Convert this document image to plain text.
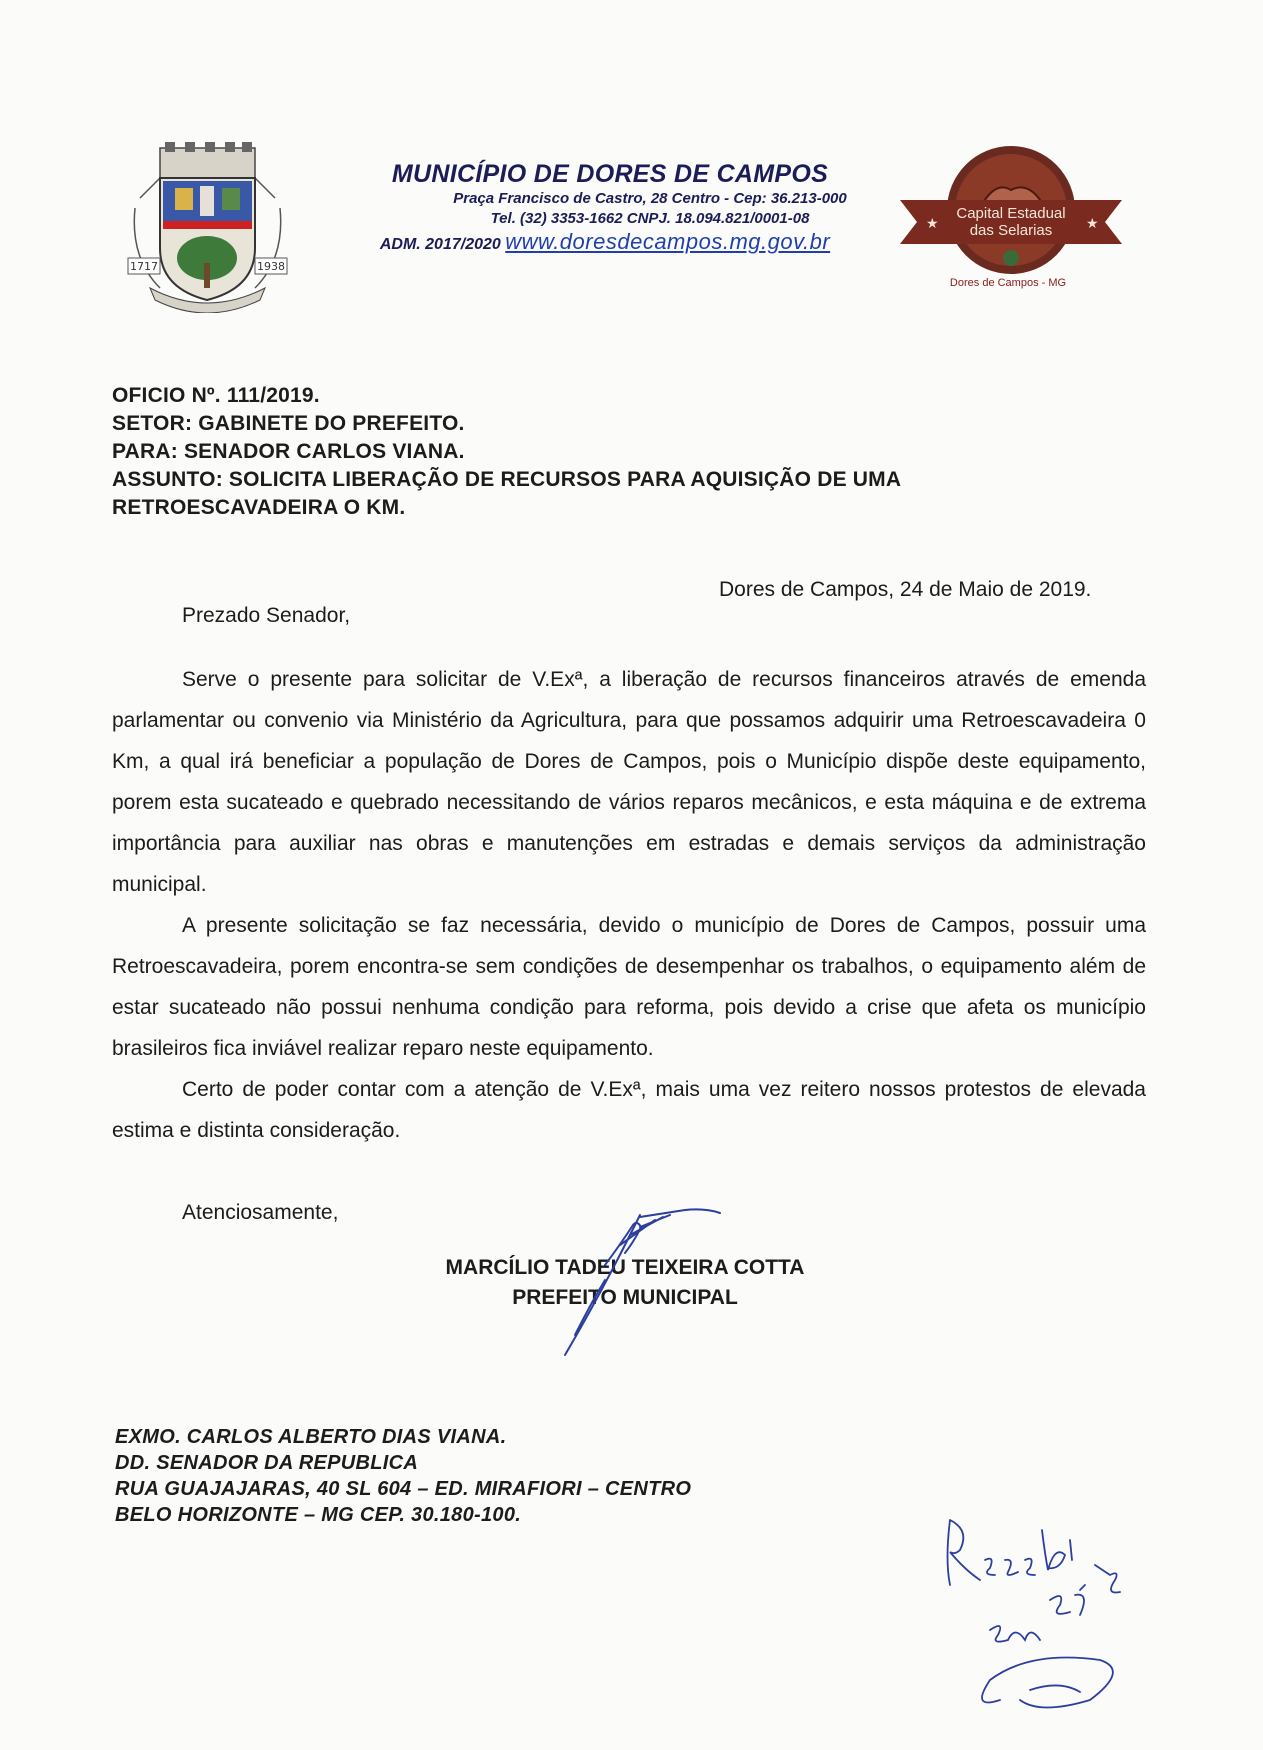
1717	1938
MUNICÍPIO DE DORES DE CAMPOS
Praça Francisco de Castro, 28 Centro - Cep: 36.213-000
Tel. (32) 3353-1662 CNPJ. 18.094.821/0001-08
ADM. 2017/2020 www.doresdecampos.mg.gov.br
Capital Estadual
das Selarias
★	★
Dores de Campos - MG
OFICIO Nº. 111/2019.
SETOR: GABINETE DO PREFEITO.
PARA: SENADOR CARLOS VIANA.
ASSUNTO: SOLICITA LIBERAÇÃO DE RECURSOS PARA AQUISIÇÃO DE UMA
RETROESCAVADEIRA O KM.
Dores de Campos, 24 de Maio de 2019.
Prezado Senador,

Serve o presente para solicitar de V.Exª, a liberação de recursos financeiros através de emenda parlamentar ou convenio via Ministério da Agricultura, para que possamos adquirir uma Retroescavadeira 0 Km, a qual irá beneficiar a população de Dores de Campos, pois o Município dispõe deste equipamento, porem esta sucateado e quebrado necessitando de vários reparos mecânicos, e esta máquina e de extrema importância para auxiliar nas obras e manutenções em estradas e demais serviços da administração municipal.

A presente solicitação se faz necessária, devido o município de Dores de Campos, possuir uma Retroescavadeira, porem encontra-se sem condições de desempenhar os trabalhos, o equipamento além de estar sucateado não possui nenhuma condição para reforma, pois devido a crise que afeta os município brasileiros fica inviável realizar reparo neste equipamento.

Certo de poder contar com a atenção de V.Exª, mais uma vez reitero nossos protestos de elevada estima e distinta consideração.

Atenciosamente,
MARCÍLIO TADEU TEIXEIRA COTTA
PREFEITO MUNICIPAL
EXMO. CARLOS ALBERTO DIAS VIANA.
DD. SENADOR DA REPUBLICA
RUA GUAJAJARAS, 40 SL 604 – ED. MIRAFIORI – CENTRO
BELO HORIZONTE – MG CEP. 30.180-100.
